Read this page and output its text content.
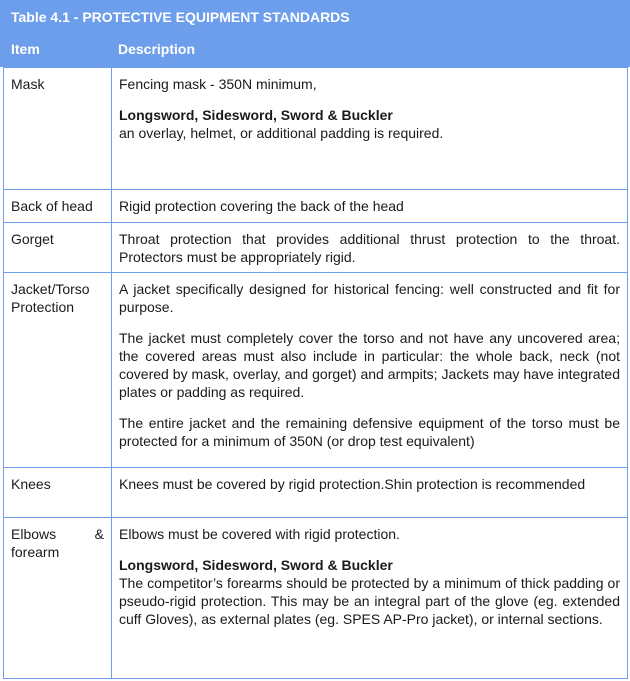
Table 4.1 - PROTECTIVE EQUIPMENT STANDARDS
Item	Description
Mask	Fencing mask - 350N minimum,

Longsword, Sidesword, Sword & Buckler
an overlay, helmet, or additional padding is required.

Back of head	Rigid protection covering the back of the head

Gorget	Throat protection that provides additional thrust protection to the throat. Protectors must be appropriately rigid.

Jacket/Torso Protection	A jacket specifically designed for historical fencing: well constructed and fit for purpose.

The jacket must completely cover the torso and not have any uncovered area; the covered areas must also include in particular: the whole back, neck (not covered by mask, overlay, and gorget) and armpits; Jackets may have integrated plates or padding as required.

The entire jacket and the remaining defensive equipment of the torso must be protected for a minimum of 350N (or drop test equivalent)

Knees	Knees must be covered by rigid protection.Shin protection is recommended

Elbows & forearm	Elbows must be covered with rigid protection.

Longsword, Sidesword, Sword & Buckler
The competitor’s forearms should be protected by a minimum of thick padding or pseudo-rigid protection. This may be an integral part of the glove (eg. extended cuff Gloves), as external plates (eg. SPES AP-Pro jacket), or internal sections.
